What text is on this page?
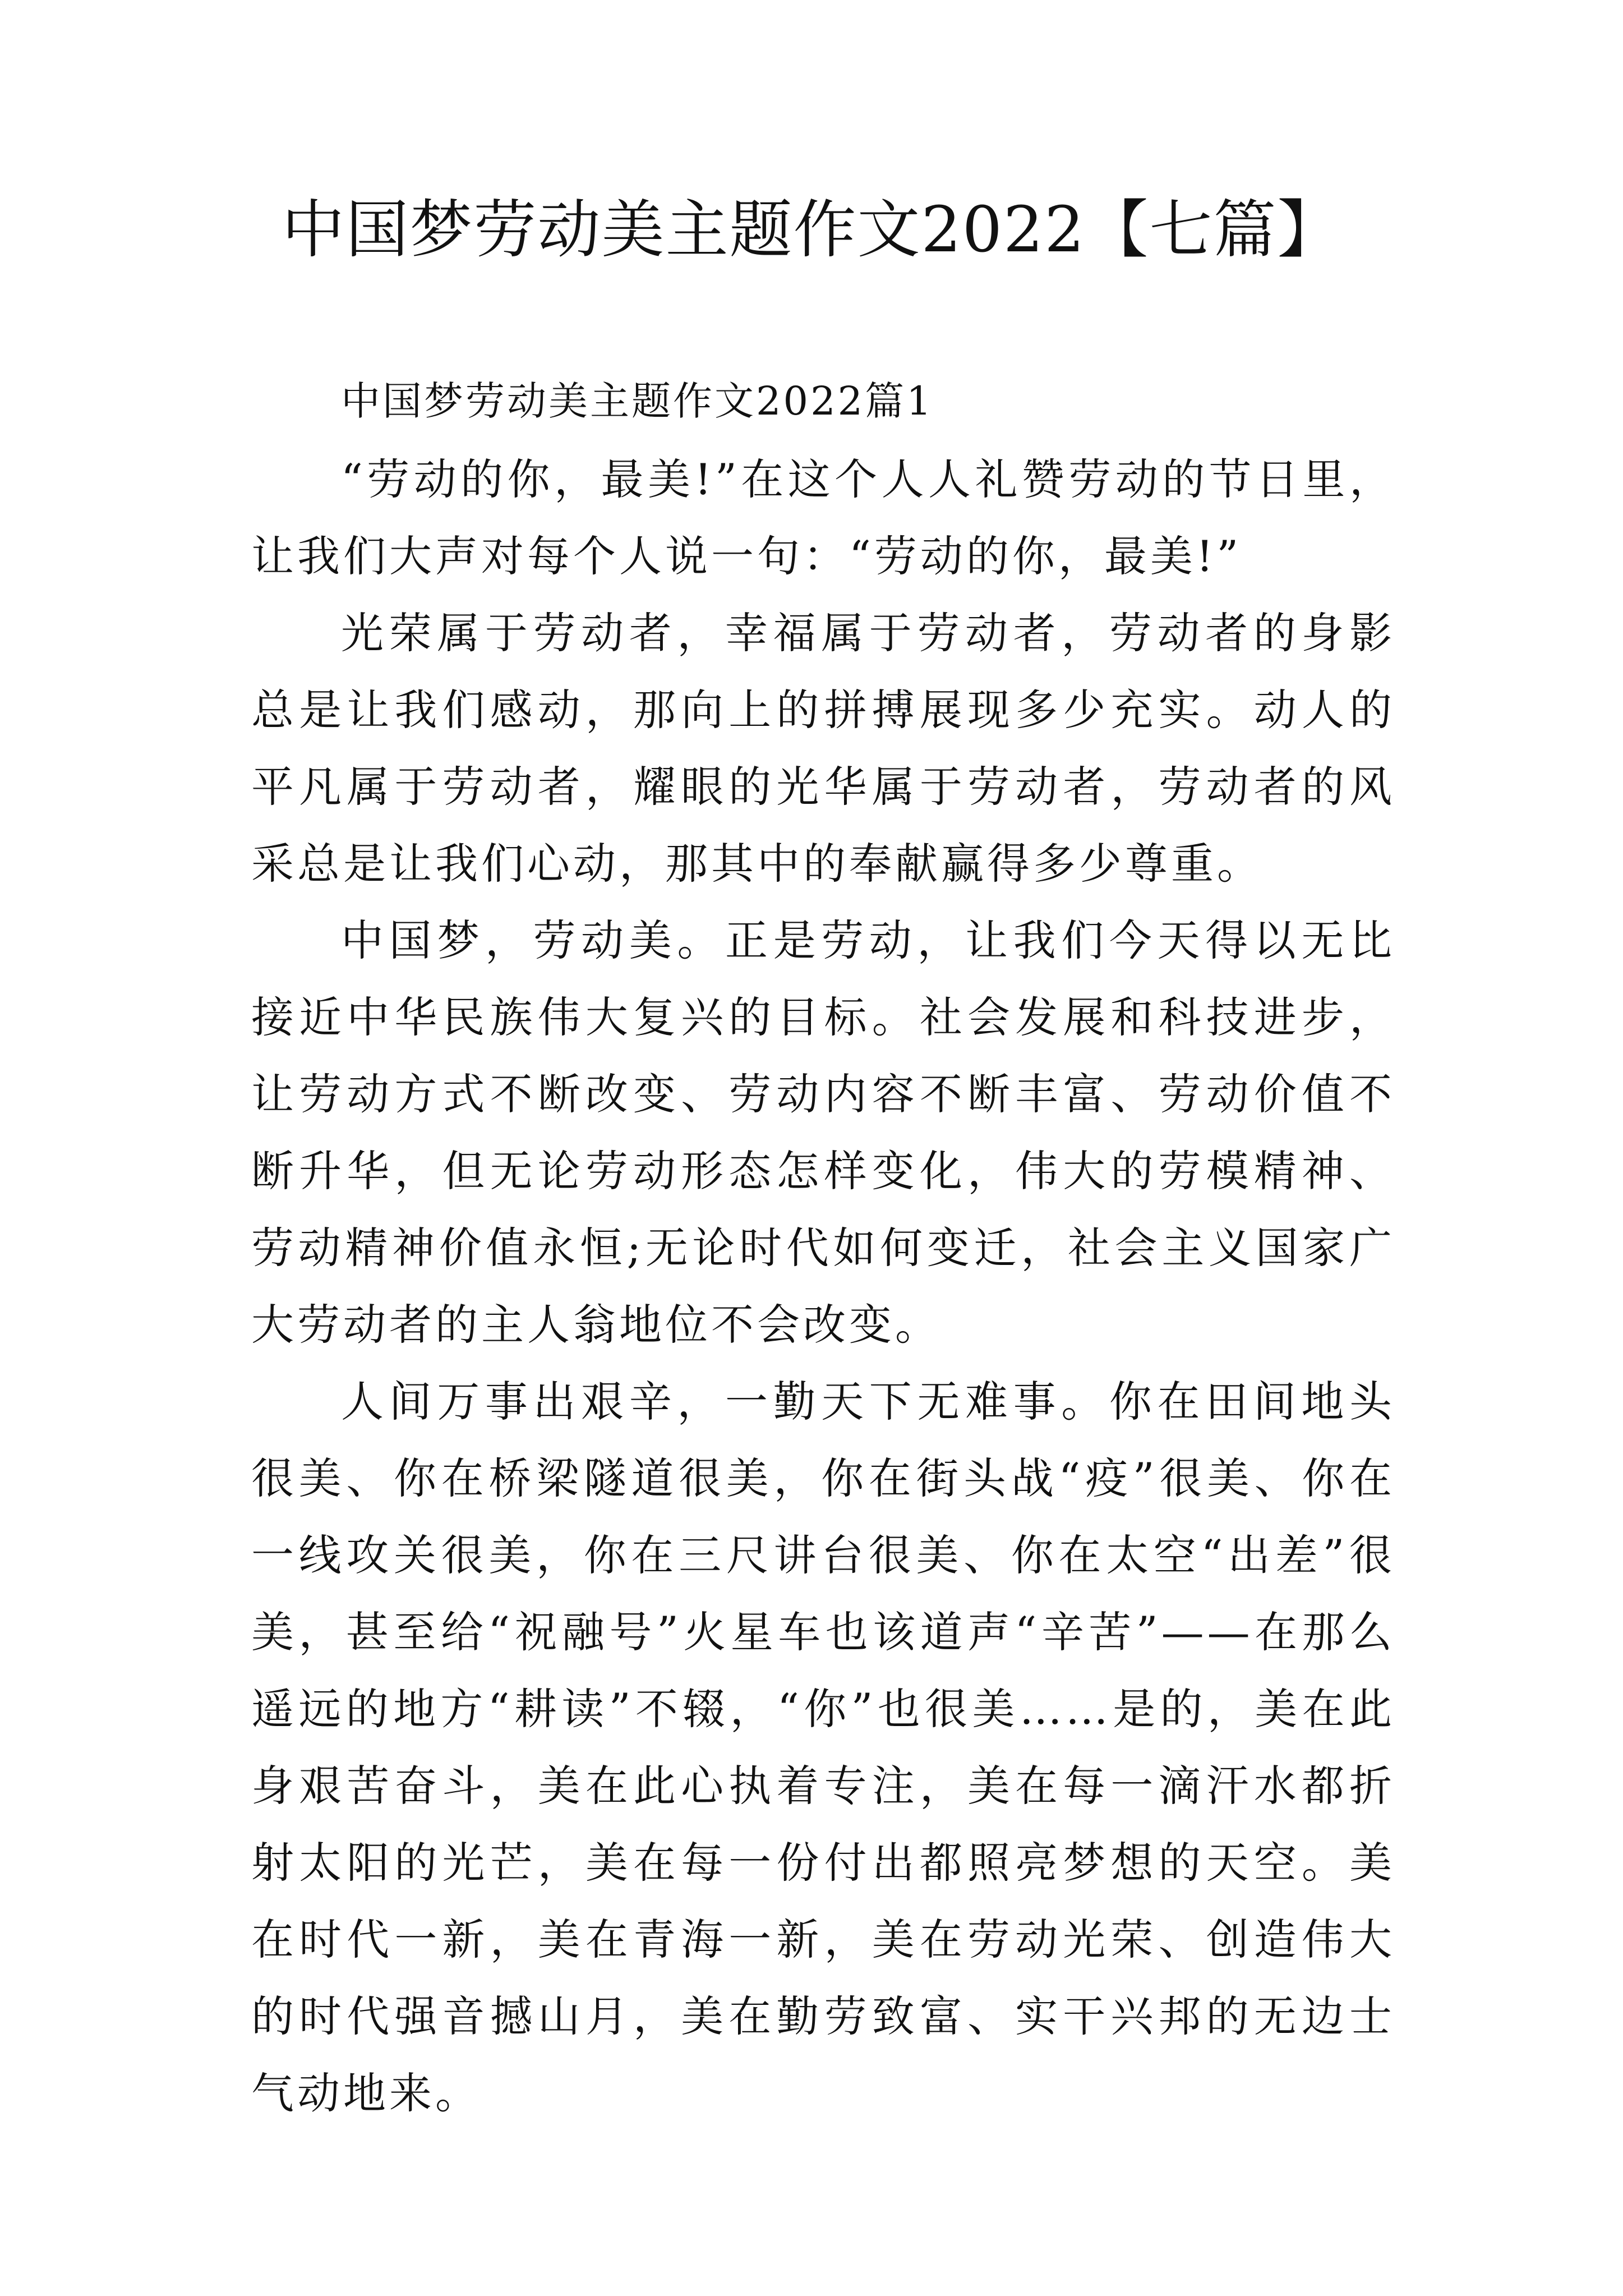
中国梦劳动美主题作文2022【七篇】

中国梦劳动美主题作文2022篇1

“劳动的你，最美!”在这个人人礼赞劳动的节日里，让我们大声对每个人说一句：“劳动的你，最美!”

光荣属于劳动者，幸福属于劳动者，劳动者的身影总是让我们感动，那向上的拼搏展现多少充实。动人的平凡属于劳动者，耀眼的光华属于劳动者，劳动者的风采总是让我们心动，那其中的奉献赢得多少尊重。

中国梦，劳动美。正是劳动，让我们今天得以无比接近中华民族伟大复兴的目标。社会发展和科技进步，让劳动方式不断改变、劳动内容不断丰富、劳动价值不断升华，但无论劳动形态怎样变化，伟大的劳模精神、劳动精神价值永恒;无论时代如何变迁，社会主义国家广大劳动者的主人翁地位不会改变。

人间万事出艰辛，一勤天下无难事。你在田间地头很美、你在桥梁隧道很美，你在街头战“疫”很美、你在一线攻关很美，你在三尺讲台很美、你在太空“出差”很美，甚至给“祝融号”火星车也该道声“辛苦”——在那么遥远的地方“耕读”不辍，“你”也很美……是的，美在此身艰苦奋斗，美在此心执着专注，美在每一滴汗水都折射太阳的光芒，美在每一份付出都照亮梦想的天空。美在时代一新，美在青海一新，美在劳动光荣、创造伟大的时代强音撼山月，美在勤劳致富、实干兴邦的无边士气动地来。
